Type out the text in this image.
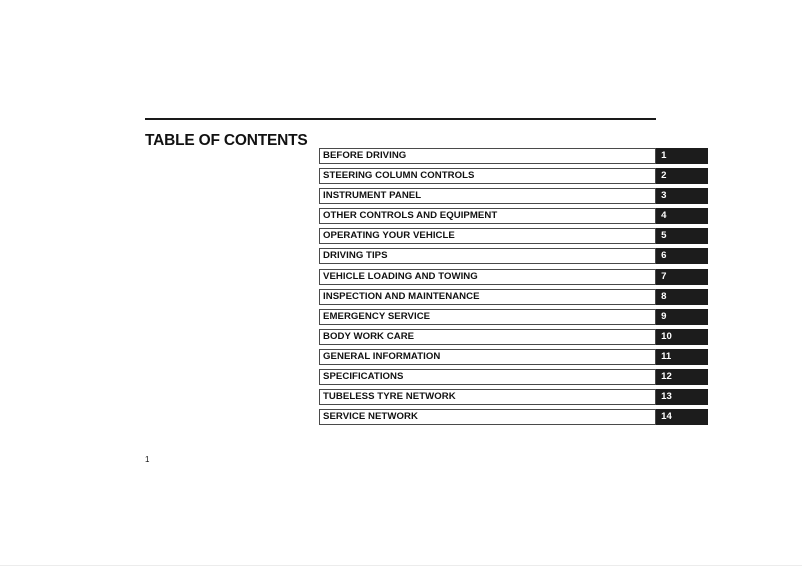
TABLE OF CONTENTS
BEFORE DRIVING	1
STEERING COLUMN CONTROLS	2
INSTRUMENT PANEL	3
OTHER CONTROLS AND EQUIPMENT	4
OPERATING YOUR VEHICLE	5
DRIVING TIPS	6
VEHICLE LOADING AND TOWING	7
INSPECTION AND MAINTENANCE	8
EMERGENCY SERVICE	9
BODY WORK CARE	10
GENERAL INFORMATION	11
SPECIFICATIONS	12
TUBELESS TYRE NETWORK	13
SERVICE NETWORK	14
1
